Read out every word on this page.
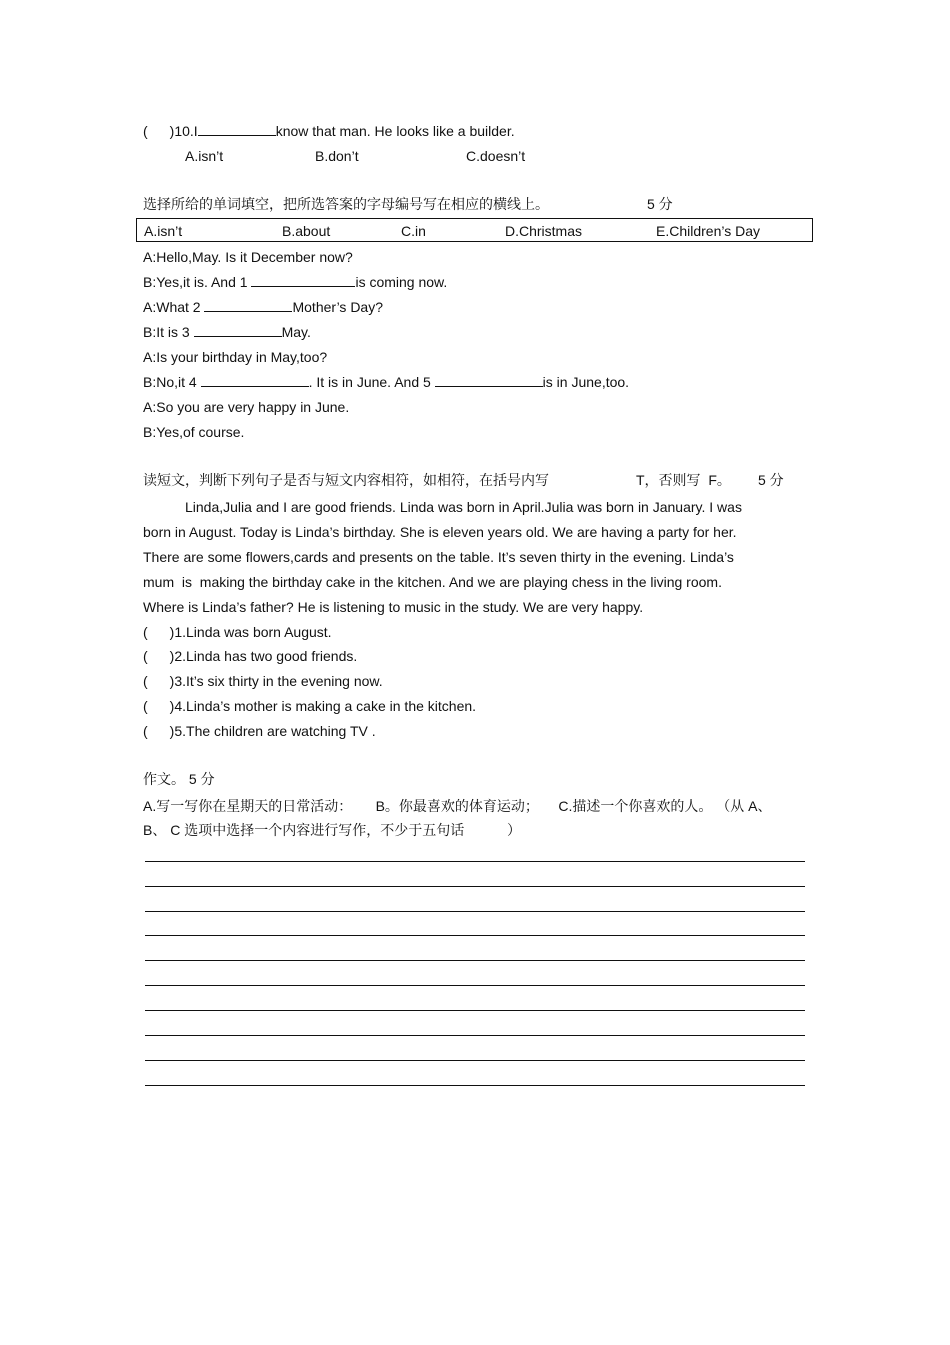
( )10.I	know that man. He looks like a builder.
A.isn’t	B.don’t	C.doesn’t
选择所给的单词填空，把所选答案的字母编号写在相应的横线上。	5 分
A.isn’t	B.about	C.in	D.Christmas	E.Children’s Day
A:Hello,May. Is it December now?
B:Yes,it is. And 1	is coming now.
A:What 2	Mother’s Day?
B:It is 3	May.
A:Is your birthday in May,too?
B:No,it 4	. It is in June. And 5	is in June,too.
A:So you are very happy in June.
B:Yes,of course.
读短文，判断下列句子是否与短文内容相符，如相符，在括号内写	T，否则写  F。 5 分
Linda,Julia and I are good friends. Linda was born in April.Julia was born in January. I was
born in August. Today is Linda’s birthday. She is eleven years old. We are having a party for her.
There are some flowers,cards and presents on the table. It’s seven thirty in the evening. Linda’s
mum  is  making the birthday cake in the kitchen. And we are playing chess in the living room.
Where is Linda’s father? He is listening to music in the study. We are very happy.
( )1.Linda was born August.
( )2.Linda has two good friends.
( )3.It’s six thirty in the evening now.
( )4.Linda’s mother is making a cake in the kitchen.
( )5.The children are watching TV .
作文。 5 分
A.写一写你在星期天的日常活动：      B。你最喜欢的体育运动；     C.描述一个你喜欢的人。 （从 A、
B、 C 选项中选择一个内容进行写作，不少于五句话           ）
